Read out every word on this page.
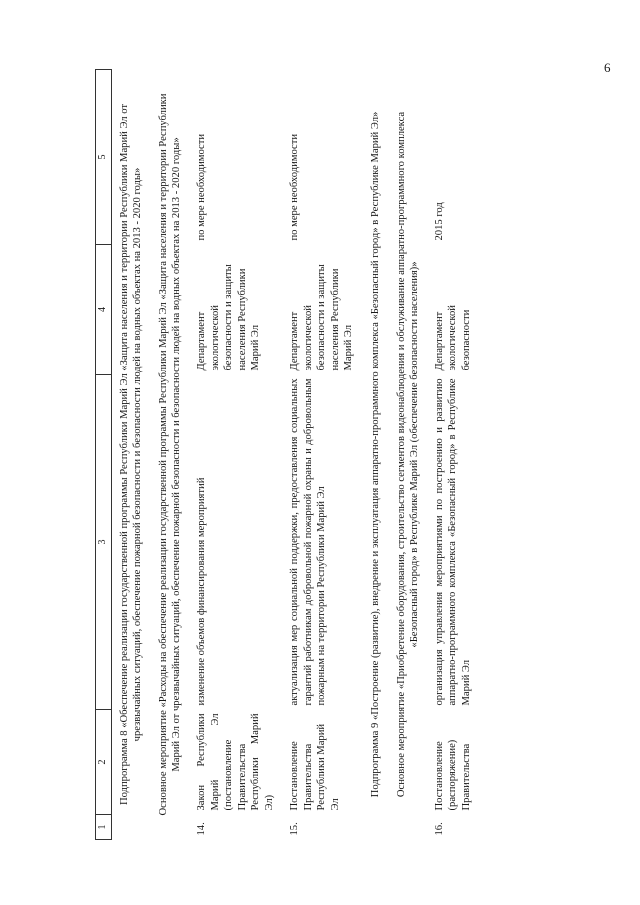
6
1	2	3	4	5
Подпрограмма 8 «Обеспечение реализации государственной программы Республики Марий Эл «Защита населения и территории Республики Марий Эл от чрезвычайных ситуаций, обеспечение пожарной безопасности и безопасности людей на водных объектах на 2013 - 2020 годы»				
Основное мероприятие «Расходы на обеспечение реализации государственной программы Республики Марий Эл «Защита населения и территории Республики Марий Эл от чрезвычайных ситуаций, обеспечение пожарной безопасности и безопасности людей на водных объектах на 2013 - 2020 годы»				
14.	Закон Республики Марий Эл (постановление Правительства Республики Марий Эл)	изменение объемов финансирования мероприятий	Департамент экологической безопасности и защиты населения Республики Марий Эл	по мере необходимости
15.	Постановление Правительства Республики Марий Эл	актуализация мер социальной поддержки, предоставления социальных гарантий работникам добровольной пожарной охраны и добровольным пожарным на территории Республики Марий Эл	Департамент экологической безопасности и защиты населения Республики Марий Эл	по мере необходимости
Подпрограмма 9 «Построение (развитие), внедрение и эксплуатация аппаратно-программного комплекса «Безопасный город» в Республике Марий Эл»				
Основное мероприятие «Приобретение оборудования, строительство сегментов видеонаблюдения и обслуживание аппаратно-программного комплекса «Безопасный город» в Республике Марий Эл (обеспечение безопасности населения)»				
16.	Постановление (распоряжение) Правительства	организация управления мероприятиями по построению и развитию аппаратно-программного комплекса «Безопасный город» в Республике Марий Эл	Департамент экологической безопасности	2015 год
